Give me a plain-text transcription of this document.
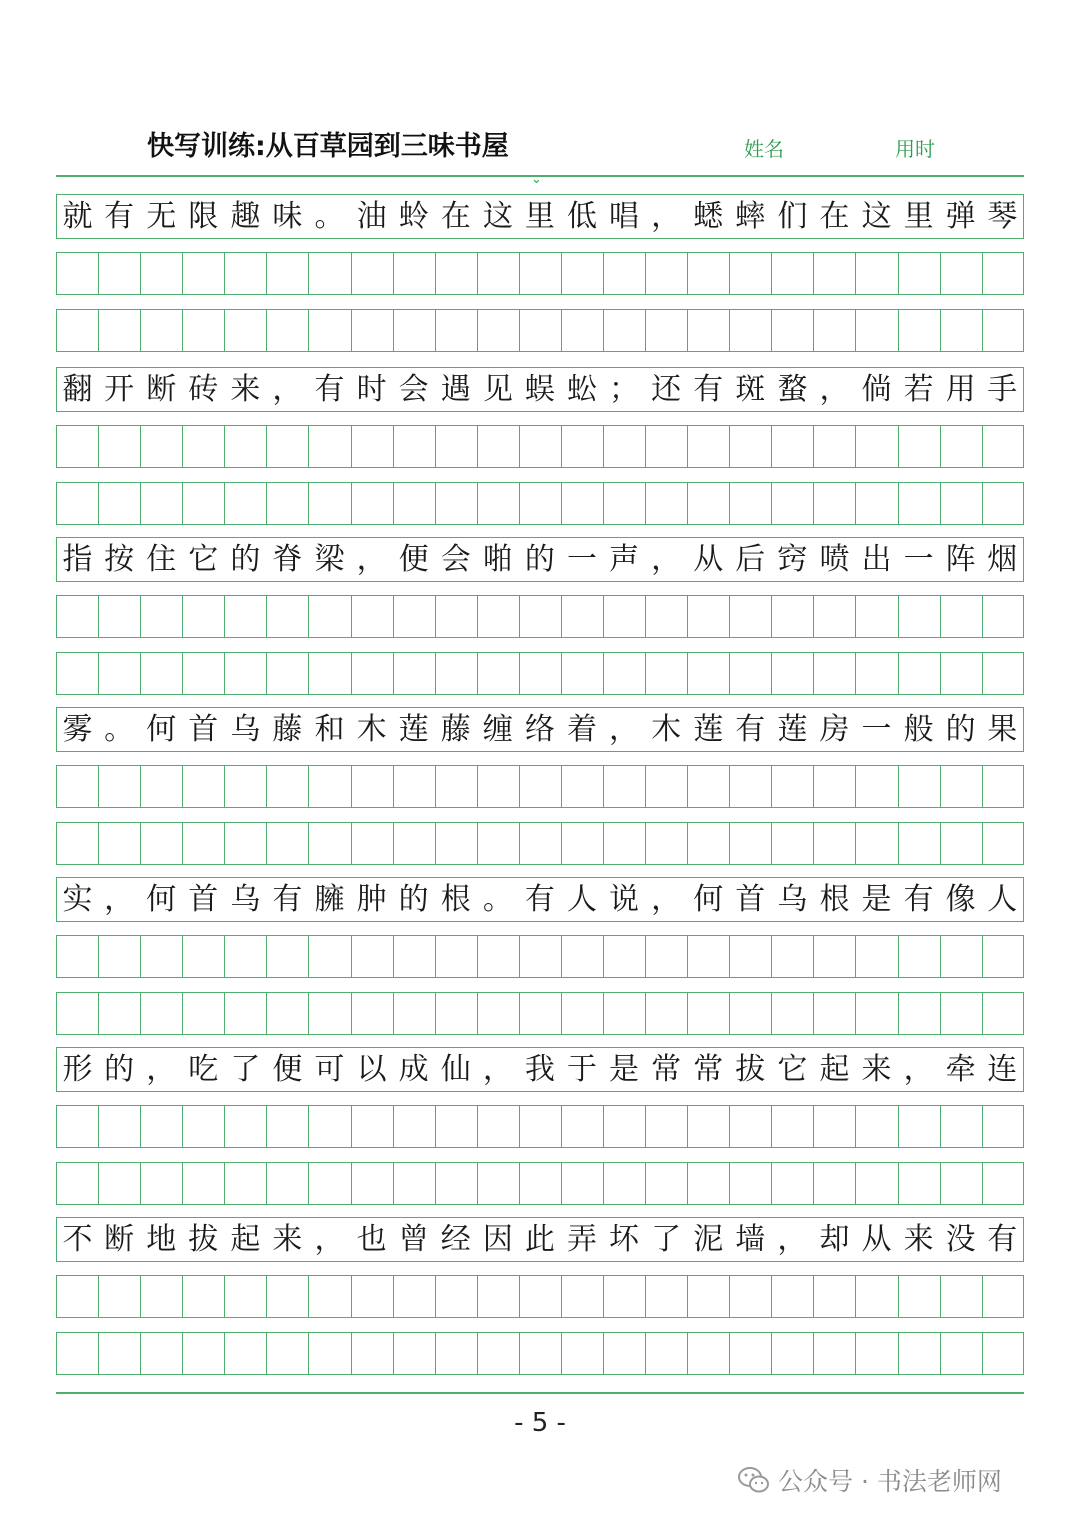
快写训练:从百草园到三味书屋	姓名	用时
⌄
就 有 无 限 趣 味 。 油 蛉 在 这 里 低 唱 ， 蟋 蟀 们 在 这 里 弹 琴
翻 开 断 砖 来 ， 有 时 会 遇 见 蜈 蚣 ； 还 有 斑 蝥 ， 倘 若 用 手
指 按 住 它 的 脊 梁 ， 便 会 啪 的 一 声 ， 从 后 窍 喷 出 一 阵 烟
雾 。 何 首 乌 藤 和 木 莲 藤 缠 络 着 ， 木 莲 有 莲 房 一 般 的 果
实 ， 何 首 乌 有 臃 肿 的 根 。 有 人 说 ， 何 首 乌 根 是 有 像 人
形 的 ， 吃 了 便 可 以 成 仙 ， 我 于 是 常 常 拔 它 起 来 ， 牵 连
不 断 地 拔 起 来 ， 也 曾 经 因 此 弄 坏 了 泥 墙 ， 却 从 来 没 有
- 5 -
公众号 · 书法老师网
